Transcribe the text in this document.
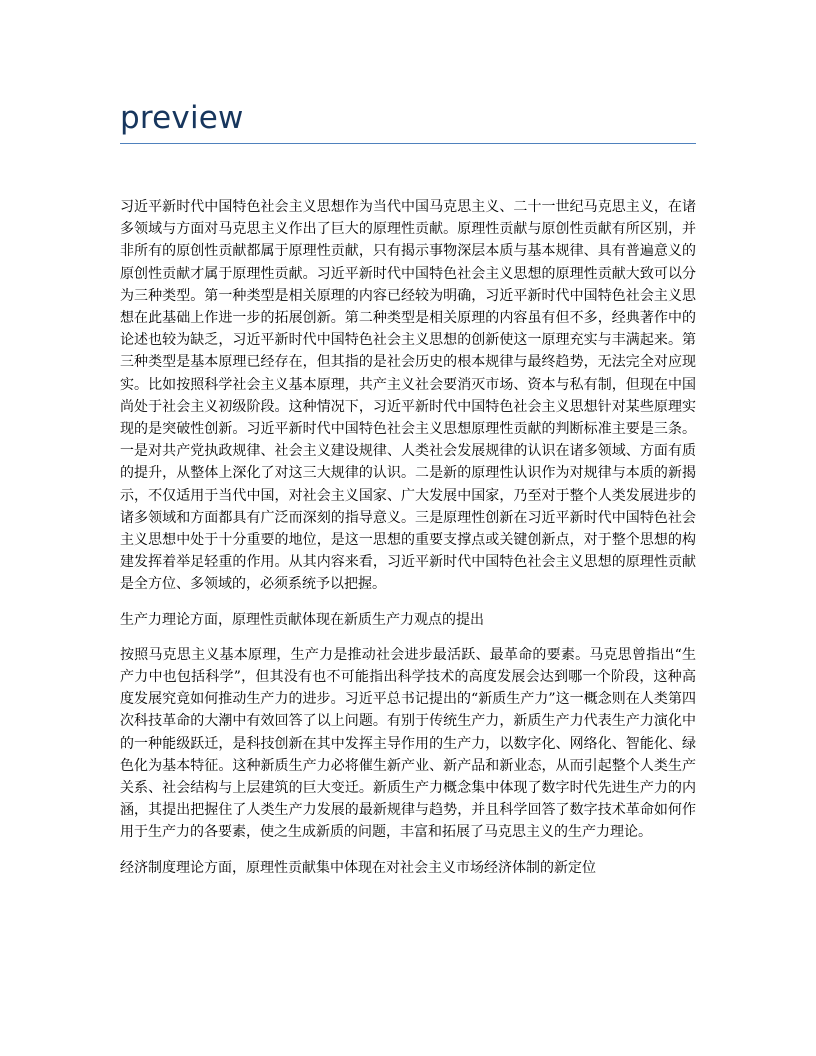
preview

习近平新时代中国特色社会主义思想作为当代中国马克思主义、二十一世纪马克思主义，在诸多领域与方面对马克思主义作出了巨大的原理性贡献。原理性贡献与原创性贡献有所区别，并非所有的原创性贡献都属于原理性贡献，只有揭示事物深层本质与基本规律、具有普遍意义的原创性贡献才属于原理性贡献。习近平新时代中国特色社会主义思想的原理性贡献大致可以分为三种类型。第一种类型是相关原理的内容已经较为明确，习近平新时代中国特色社会主义思想在此基础上作进一步的拓展创新。第二种类型是相关原理的内容虽有但不多，经典著作中的论述也较为缺乏，习近平新时代中国特色社会主义思想的创新使这一原理充实与丰满起来。第三种类型是基本原理已经存在，但其指的是社会历史的根本规律与最终趋势，无法完全对应现实。比如按照科学社会主义基本原理，共产主义社会要消灭市场、资本与私有制，但现在中国尚处于社会主义初级阶段。这种情况下，习近平新时代中国特色社会主义思想针对某些原理实现的是突破性创新。习近平新时代中国特色社会主义思想原理性贡献的判断标准主要是三条。一是对共产党执政规律、社会主义建设规律、人类社会发展规律的认识在诸多领域、方面有质的提升，从整体上深化了对这三大规律的认识。二是新的原理性认识作为对规律与本质的新揭示，不仅适用于当代中国，对社会主义国家、广大发展中国家，乃至对于整个人类发展进步的诸多领域和方面都具有广泛而深刻的指导意义。三是原理性创新在习近平新时代中国特色社会主义思想中处于十分重要的地位，是这一思想的重要支撑点或关键创新点，对于整个思想的构建发挥着举足轻重的作用。从其内容来看，习近平新时代中国特色社会主义思想的原理性贡献是全方位、多领域的，必须系统予以把握。

生产力理论方面，原理性贡献体现在新质生产力观点的提出

按照马克思主义基本原理，生产力是推动社会进步最活跃、最革命的要素。马克思曾指出“生产力中也包括科学”，但其没有也不可能指出科学技术的高度发展会达到哪一个阶段，这种高度发展究竟如何推动生产力的进步。习近平总书记提出的“新质生产力”这一概念则在人类第四次科技革命的大潮中有效回答了以上问题。有别于传统生产力，新质生产力代表生产力演化中的一种能级跃迁，是科技创新在其中发挥主导作用的生产力，以数字化、网络化、智能化、绿色化为基本特征。这种新质生产力必将催生新产业、新产品和新业态，从而引起整个人类生产关系、社会结构与上层建筑的巨大变迁。新质生产力概念集中体现了数字时代先进生产力的内涵，其提出把握住了人类生产力发展的最新规律与趋势，并且科学回答了数字技术革命如何作用于生产力的各要素，使之生成新质的问题，丰富和拓展了马克思主义的生产力理论。

经济制度理论方面，原理性贡献集中体现在对社会主义市场经济体制的新定位
